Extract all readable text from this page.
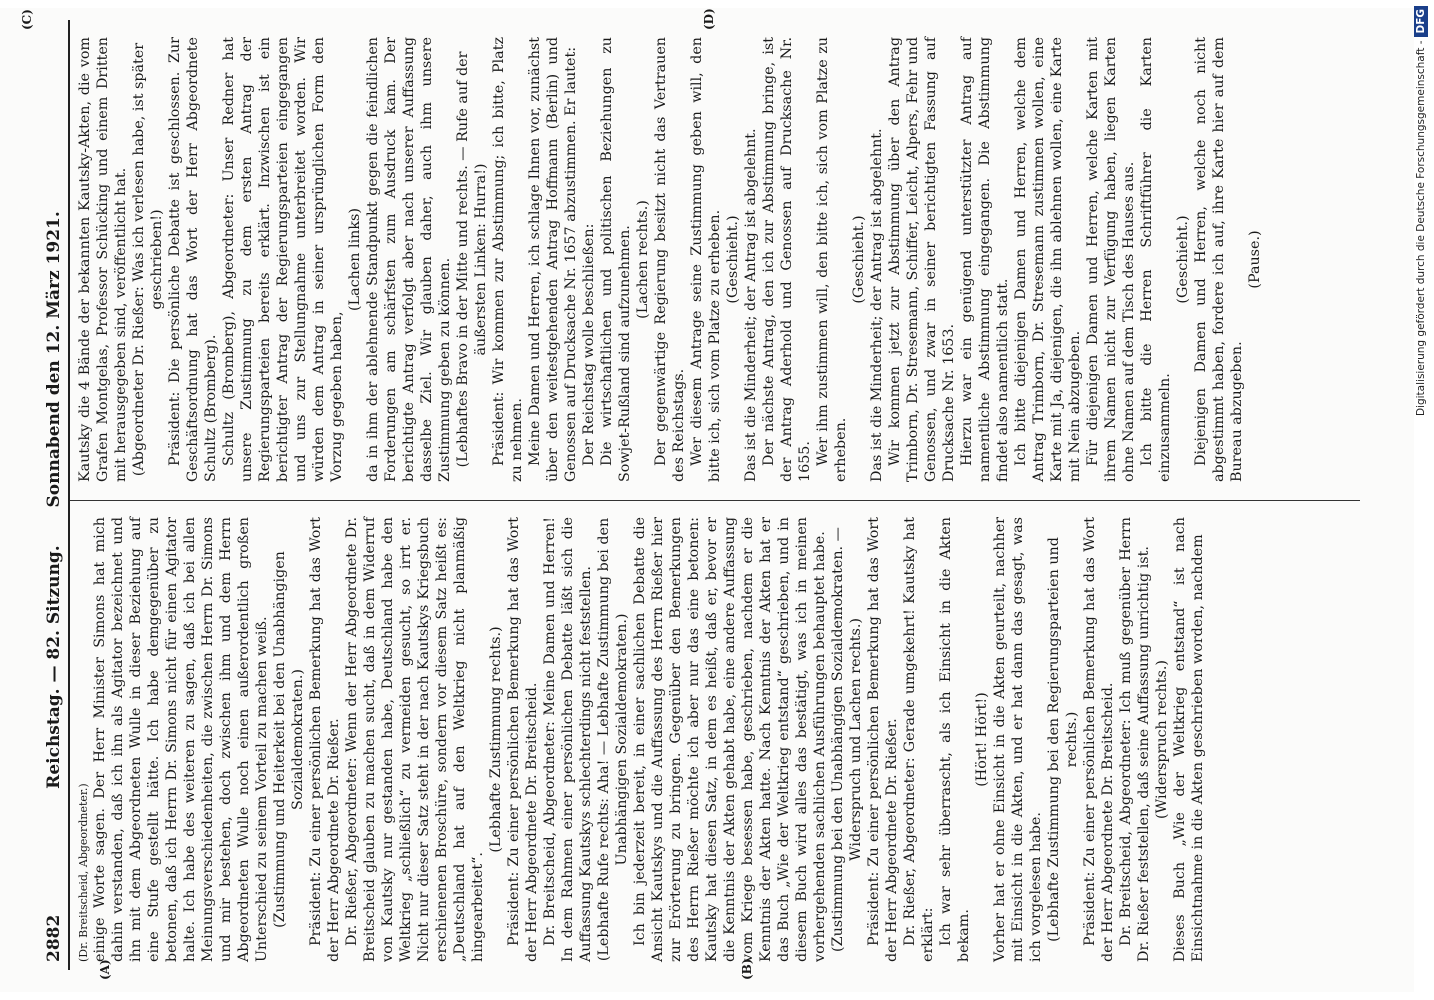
2882
Reichstag. — 82. Sitzung.  Sonnabend den 12. März 1921.
(A)	(B)
(C)	(D)

(Dr. Breitscheid, Abgeordneter.) einige Worte sagen. Der Herr Minister Simons hat mich dahin verstanden, daß ich ihn als Agitator bezeichnet und ihn mit dem Abgeordneten Wulle in dieser Beziehung auf eine Stufe gestellt hätte. Ich habe demgegenüber zu betonen, daß ich Herrn Dr. Simons nicht für einen Agitator halte. Ich habe des weiteren zu sagen, daß ich bei allen Meinungsverschiedenheiten, die zwischen Herrn Dr. Simons und mir bestehen, doch zwischen ihm und dem Herrn Abgeordneten Wulle noch einen außerordentlich großen Unterschied zu seinem Vorteil zu machen weiß. (Zustimmung und Heiterkeit bei den Unabhängigen Sozialdemokraten.) Präsident: Zu einer persönlichen Bemerkung hat das Wort der Herr Abgeordnete Dr. Rießer. Dr. Rießer, Abgeordneter: Wenn der Herr Abgeordnete Dr. Breitscheid glauben zu machen sucht, daß in dem Widerruf von Kautsky nur gestanden habe, Deutschland habe den Weltkrieg „schließlich“ zu vermeiden gesucht, so irrt er. Nicht nur dieser Satz steht in der nach Kautskys Kriegsbuch erschienenen Broschüre, sondern vor diesem Satz heißt es: „Deutschland hat auf den Weltkrieg nicht planmäßig hingearbeitet“.

(Lebhafte Zustimmung rechts.) Präsident: Zu einer persönlichen Bemerkung hat das Wort der Herr Abgeordnete Dr. Breitscheid. Dr. Breitscheid, Abgeordneter: Meine Damen und Herren! In dem Rahmen einer persönlichen Debatte läßt sich die Auffassung Kautskys schlechterdings nicht feststellen. (Lebhafte Rufe rechts: Aha! — Lebhafte Zustimmung bei den Unabhängigen Sozialdemokraten.) Ich bin jederzeit bereit, in einer sachlichen Debatte die Ansicht Kautskys und die Auffassung des Herrn Rießer hier zur Erörterung zu bringen. Gegenüber den Bemerkungen des Herrn Rießer möchte ich aber nur das eine betonen: Kautsky hat diesen Satz, in dem es heißt, daß er, bevor er die Kenntnis der Akten gehabt habe, eine andere Auffassung vom Kriege besessen habe, geschrieben, nachdem er die Kenntnis der Akten hatte. Nach Kenntnis der Akten hat er das Buch „Wie der Weltkrieg entstand“ geschrieben, und in diesem Buch wird alles das bestätigt, was ich in meinen vorhergehenden sachlichen Ausführungen behauptet habe. (Zustimmung bei den Unabhängigen Sozialdemokraten. — Widerspruch und Lachen rechts.) Präsident: Zu einer persönlichen Bemerkung hat das Wort der Herr Abgeordnete Dr. Rießer. Dr. Rießer, Abgeordneter: Gerade umgekehrt! Kautsky hat erklärt: Ich war sehr überrascht, als ich Einsicht in die Akten bekam.

(Hört! Hört!) Vorher hat er ohne Einsicht in die Akten geurteilt, nachher mit Einsicht in die Akten, und er hat dann das gesagt, was ich vorgelesen habe. (Lebhafte Zustimmung bei den Regierungsparteien und rechts.) Präsident: Zu einer persönlichen Bemerkung hat das Wort der Herr Abgeordnete Dr. Breitscheid. Dr. Breitscheid, Abgeordneter: Ich muß gegenüber Herrn Dr. Rießer feststellen, daß seine Auffassung unrichtig ist. (Widerspruch rechts.) Dieses Buch „Wie der Weltkrieg entstand“ ist nach Einsichtnahme in die Akten geschrieben worden, nachdem

Kautsky die 4 Bände der bekannten Kautsky-Akten, die vom Grafen Montgelas, Professor Schücking und einem Dritten mit herausgegeben sind, veröffentlicht hat. (Abgeordneter Dr. Rießer: Was ich verlesen habe, ist später geschrieben!) Präsident: Die persönliche Debatte ist geschlossen. Zur Geschäftsordnung hat das Wort der Herr Abgeordnete Schultz (Bromberg). Schultz (Bromberg), Abgeordneter: Unser Redner hat unsere Zustimmung zu dem ersten Antrag der Regierungsparteien bereits erklärt. Inzwischen ist ein berichtigter Antrag der Regierungsparteien eingegangen und uns zur Stellungnahme unterbreitet worden. Wir würden dem Antrag in seiner ursprünglichen Form den Vorzug gegeben haben,

(Lachen links) da in ihm der ablehnende Standpunkt gegen die feindlichen Forderungen am schärfsten zum Ausdruck kam. Der berichtigte Antrag verfolgt aber nach unserer Auffassung dasselbe Ziel. Wir glauben daher, auch ihm unsere Zustimmung geben zu können. (Lebhaftes Bravo in der Mitte und rechts. — Rufe auf der äußersten Linken: Hurra!) Präsident: Wir kommen zur Abstimmung; ich bitte, Platz zu nehmen. Meine Damen und Herren, ich schlage Ihnen vor, zunächst über den weitestgehenden Antrag Hoffmann (Berlin) und Genossen auf Drucksache Nr. 1657 abzustimmen. Er lautet: Der Reichstag wolle beschließen: Die wirtschaftlichen und politischen Beziehungen zu Sowjet-Rußland sind aufzunehmen. (Lachen rechts.) Der gegenwärtige Regierung besitzt nicht das Vertrauen des Reichstags. Wer diesem Antrage seine Zustimmung geben will, den bitte ich, sich vom Platze zu erheben. (Geschieht.) Das ist die Minderheit; der Antrag ist abgelehnt. Der nächste Antrag, den ich zur Abstimmung bringe, ist der Antrag Aderhold und Genossen auf Drucksache Nr. 1655. Wer ihm zustimmen will, den bitte ich, sich vom Platze zu erheben.

(Geschieht.) Das ist die Minderheit; der Antrag ist abgelehnt. Wir kommen jetzt zur Abstimmung über den Antrag Trimborn, Dr. Stresemann, Schiffer, Leicht, Alpers, Fehr und Genossen, und zwar in seiner berichtigten Fassung auf Drucksache Nr. 1653. Hierzu war ein genügend unterstützter Antrag auf namentliche Abstimmung eingegangen. Die Abstimmung findet also namentlich statt. Ich bitte diejenigen Damen und Herren, welche dem Antrag Trimborn, Dr. Stresemann zustimmen wollen, eine Karte mit Ja, diejenigen, die ihn ablehnen wollen, eine Karte mit Nein abzugeben. Für diejenigen Damen und Herren, welche Karten mit ihrem Namen nicht zur Verfügung haben, liegen Karten ohne Namen auf dem Tisch des Hauses aus. Ich bitte die Herren Schriftführer die Karten einzusammeln.

(Geschieht.) Diejenigen Damen und Herren, welche noch nicht abgestimmt haben, fordere ich auf, ihre Karte hier auf dem Bureau abzugeben.

(Pause.)	Digitalisierung gefördert durch die Deutsche Forschungsgemeinschaft -DFG
